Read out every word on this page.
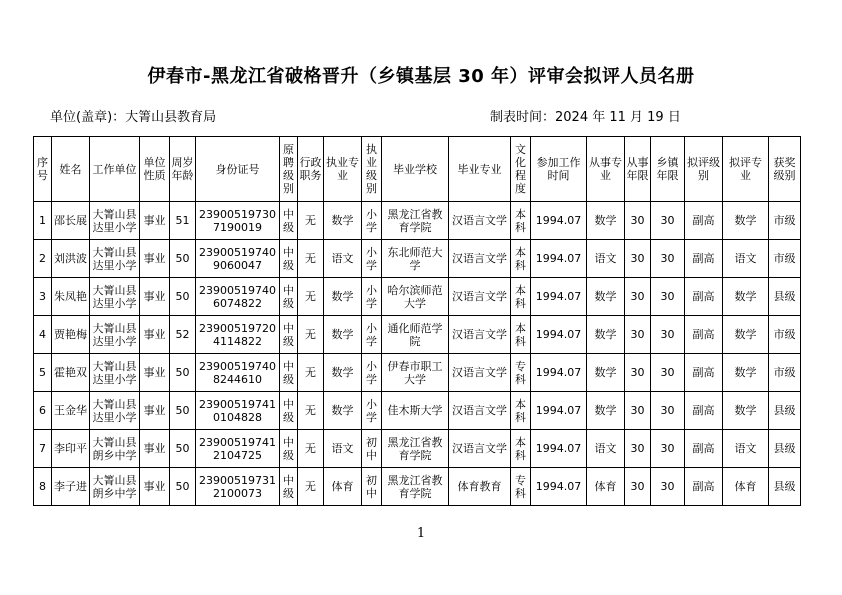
伊春市-黑龙江省破格晋升（乡镇基层 30 年）评审会拟评人员名册
单位(盖章)：大箐山县教育局	制表时间：2024 年 11 月 19 日
序号	姓名	工作单位	单位性质	周岁年龄	身份证号	原聘级别	行政职务	执业专业	执业级别	毕业学校	毕业专业	文化程度	参加工作时间	从事专业	从事年限	乡镇年限	拟评级别	拟评专业	获奖级别
1	邵长展	大箐山县达里小学	事业	51	239005197307190019	中级	无	数学	小学	黑龙江省教育学院	汉语言文学	本科	1994.07	数学	30	30	副高	数学	市级
2	刘洪波	大箐山县达里小学	事业	50	239005197409060047	中级	无	语文	小学	东北师范大学	汉语言文学	本科	1994.07	语文	30	30	副高	语文	市级
3	朱凤艳	大箐山县达里小学	事业	50	239005197406074822	中级	无	数学	小学	哈尔滨师范大学	汉语言文学	本科	1994.07	数学	30	30	副高	数学	县级
4	贾艳梅	大箐山县达里小学	事业	52	239005197204114822	中级	无	数学	小学	通化师范学院	汉语言文学	本科	1994.07	数学	30	30	副高	数学	市级
5	霍艳双	大箐山县达里小学	事业	50	239005197408244610	中级	无	数学	小学	伊春市职工大学	汉语言文学	专科	1994.07	数学	30	30	副高	数学	市级
6	王金华	大箐山县达里小学	事业	50	239005197410104828	中级	无	数学	小学	佳木斯大学	汉语言文学	本科	1994.07	数学	30	30	副高	数学	县级
7	李印平	大箐山县朗乡中学	事业	50	239005197412104725	中级	无	语文	初中	黑龙江省教育学院	汉语言文学	本科	1994.07	语文	30	30	副高	语文	县级
8	李子进	大箐山县朗乡中学	事业	50	239005197312100073	中级	无	体育	初中	黑龙江省教育学院	体育教育	专科	1994.07	体育	30	30	副高	体育	县级
1
